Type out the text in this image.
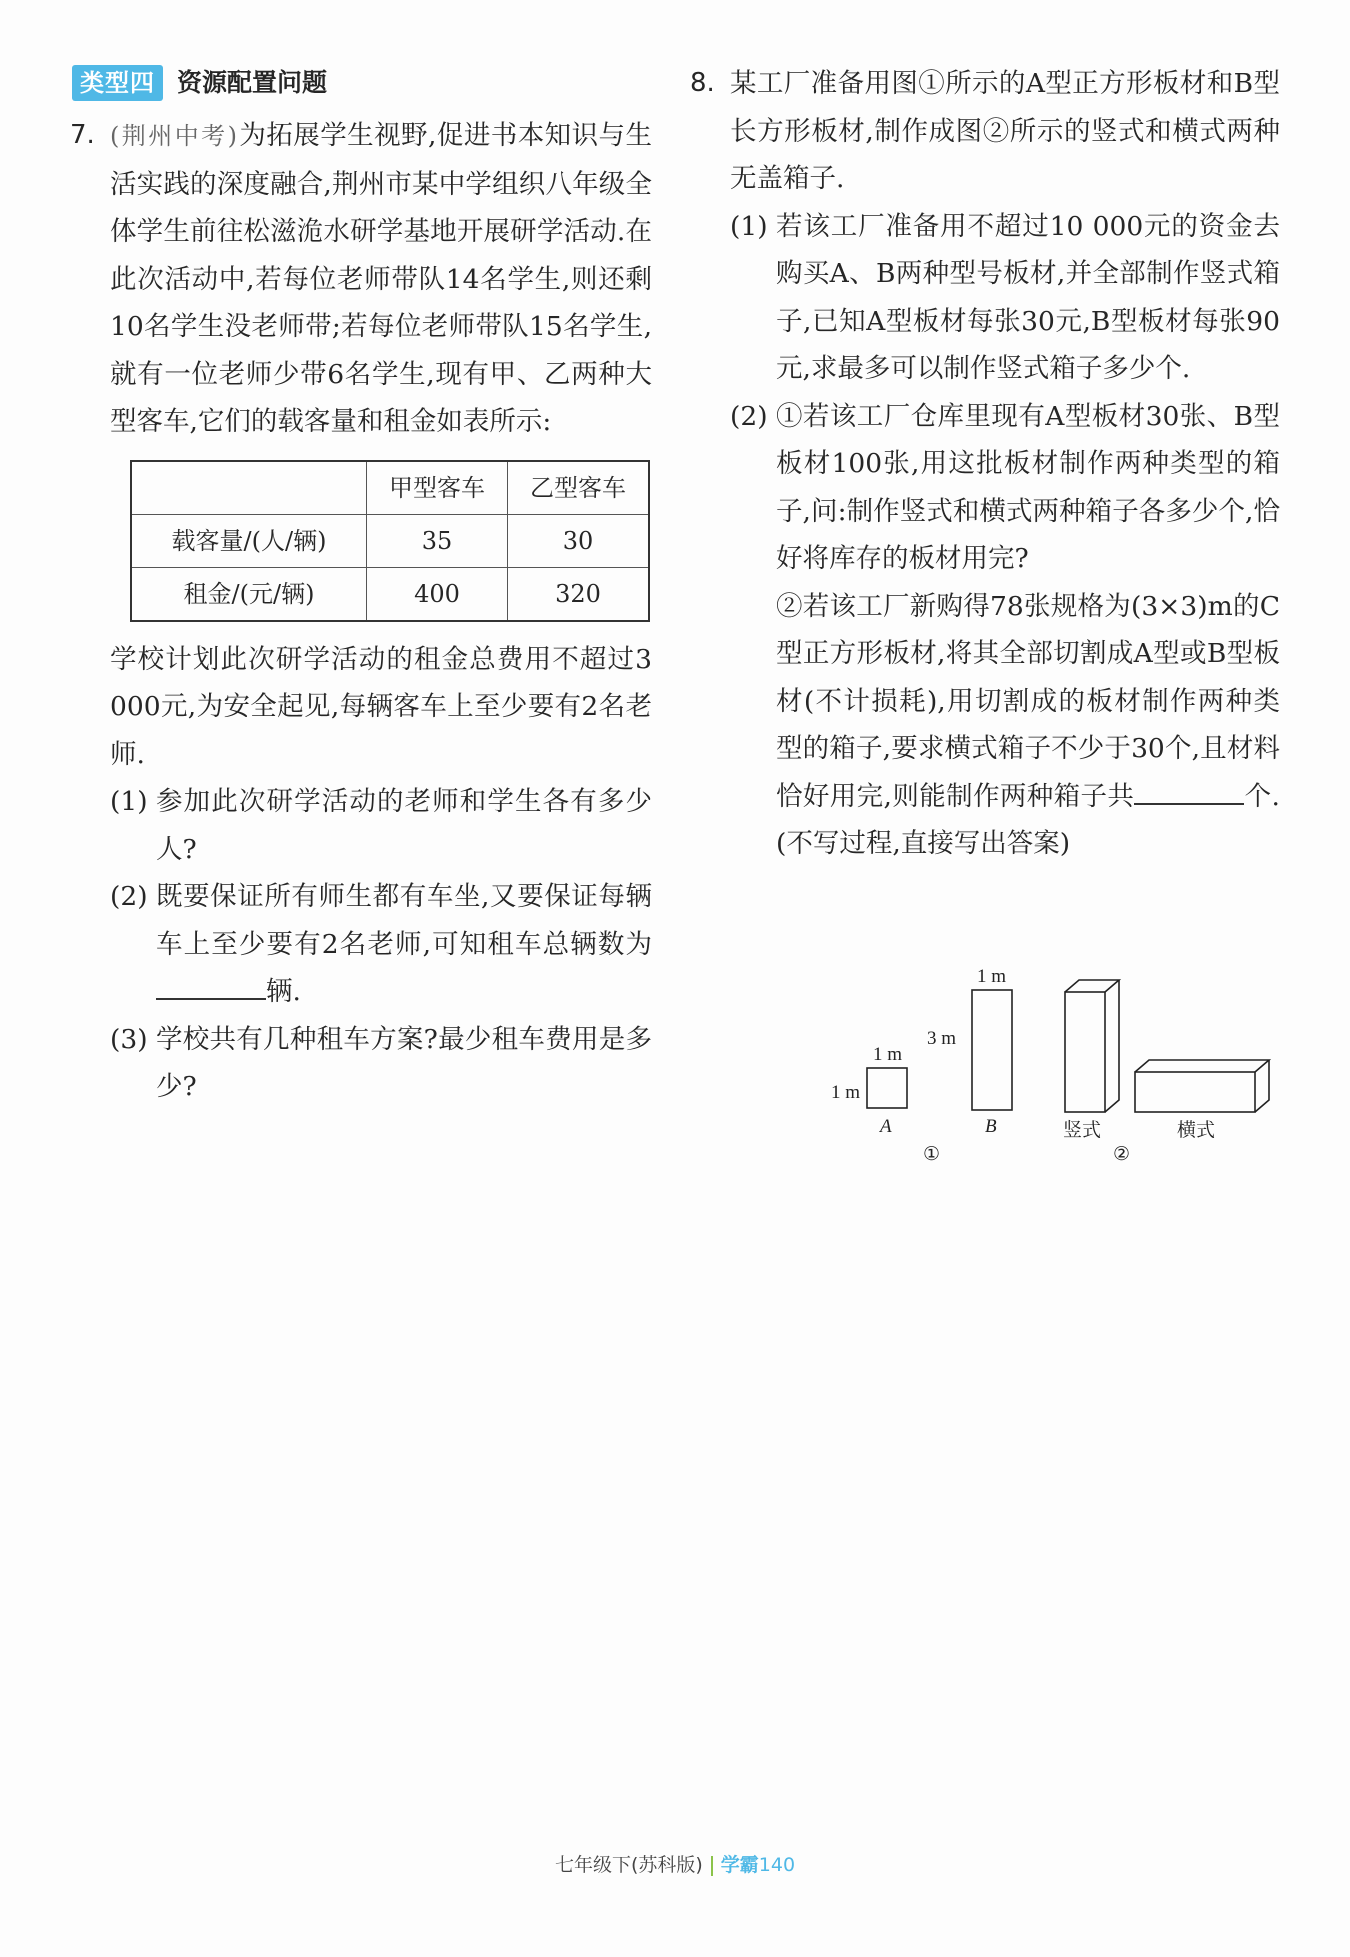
类型四 资源配置问题
7. (荆州中考)为拓展学生视野,促进书本知识与生活实践的深度融合,荆州市某中学组织八年级全体学生前往松滋洈水研学基地开展研学活动.在此次活动中,若每位老师带队14名学生,则还剩10名学生没老师带;若每位老师带队15名学生,就有一位老师少带6名学生,现有甲、乙两种大型客车,它们的载客量和租金如表所示:
	甲型客车	乙型客车
载客量/(人/辆)	35	30
租金/(元/辆)	400	320
学校计划此次研学活动的租金总费用不超过3 000元,为安全起见,每辆客车上至少要有2名老师.
(1) 参加此次研学活动的老师和学生各有多少人?
(2) 既要保证所有师生都有车坐,又要保证每辆车上至少要有2名老师,可知租车总辆数为辆.
(3) 学校共有几种租车方案?最少租车费用是多少?
8. 某工厂准备用图①所示的A型正方形板材和B型长方形板材,制作成图②所示的竖式和横式两种无盖箱子.
(1) 若该工厂准备用不超过10 000元的资金去购买A、B两种型号板材,并全部制作竖式箱子,已知A型板材每张30元,B型板材每张90元,求最多可以制作竖式箱子多少个.
(2) ①若该工厂仓库里现有A型板材30张、B型板材100张,用这批板材制作两种类型的箱子,问:制作竖式和横式两种箱子各多少个,恰好将库存的板材用完?
②若该工厂新购得78张规格为(3×3)m的C型正方形板材,将其全部切割成A型或B型板材(不计损耗),用切割成的板材制作两种类型的箱子,要求横式箱子不少于30个,且材料恰好用完,则能制作两种箱子共	个.(不写过程,直接写出答案)
1 m
1 m
A
1 m
3 m
B
①
竖式	横式
②
七年级下(苏科版) 学霸140
